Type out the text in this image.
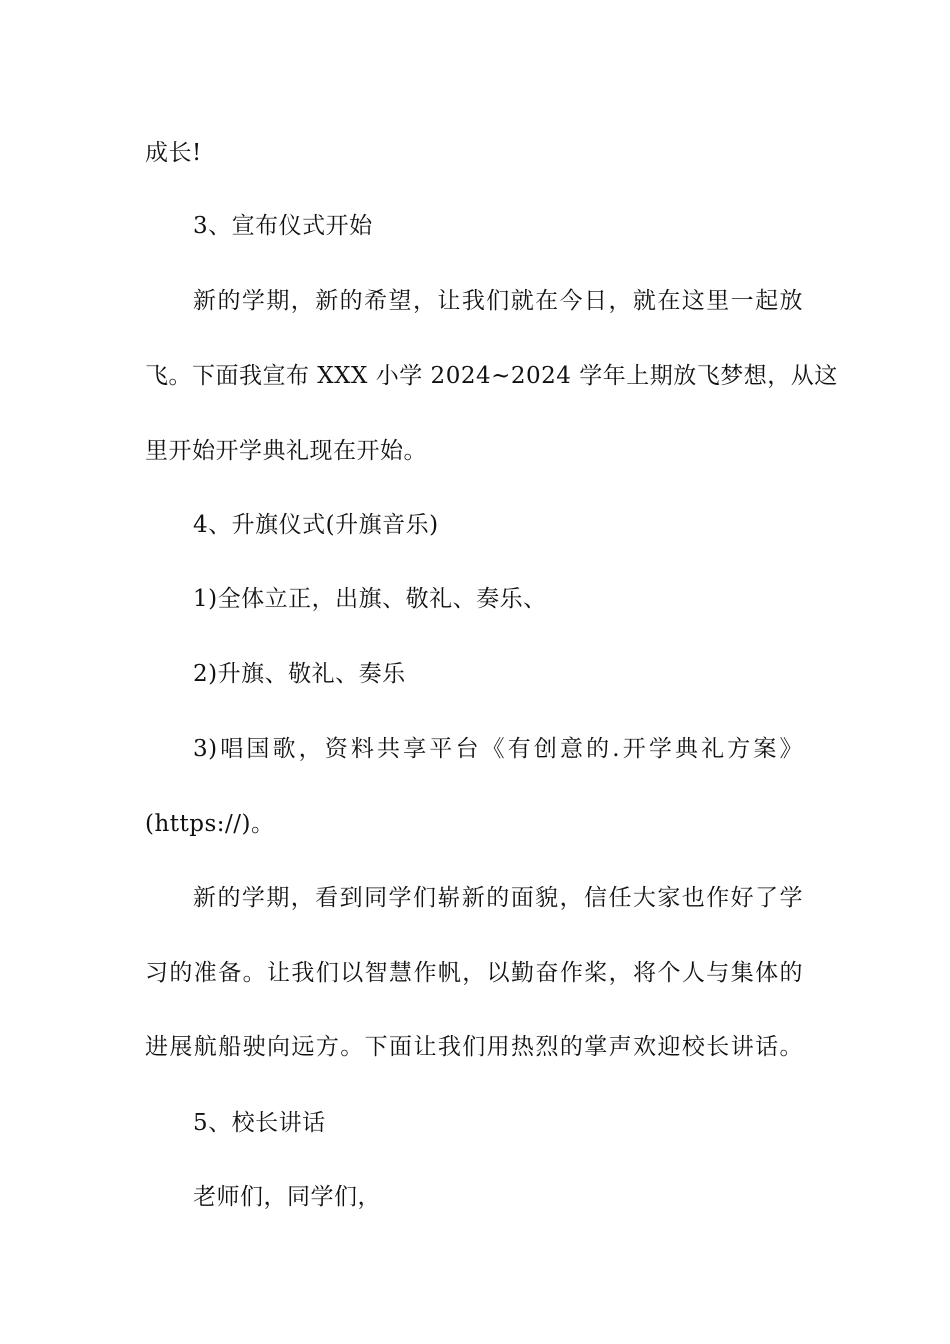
成长!
3、宣布仪式开始
新的学期，新的希望，让我们就在今日，就在这里一起放
飞。下面我宣布 XXX 小学 2024~2024 学年上期放飞梦想，从这
里开始开学典礼现在开始。
4、升旗仪式(升旗音乐)
1)全体立正，出旗、敬礼、奏乐、
2)升旗、敬礼、奏乐
3)唱国歌，资料共享平台《有创意的.开学典礼方案》
(https://)。
新的学期，看到同学们崭新的面貌，信任大家也作好了学
习的准备。让我们以智慧作帆，以勤奋作桨，将个人与集体的
进展航船驶向远方。下面让我们用热烈的掌声欢迎校长讲话。
5、校长讲话
老师们，同学们，
